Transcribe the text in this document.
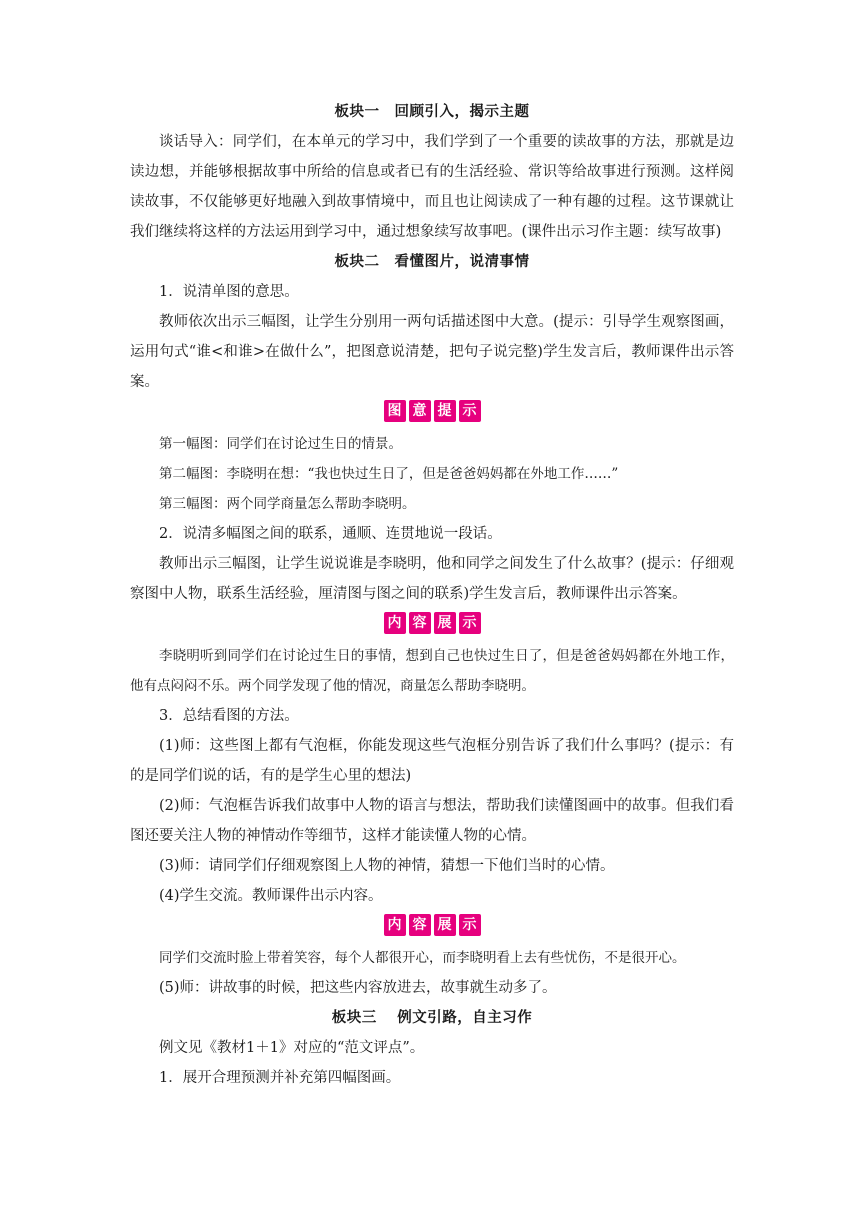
板块一　回顾引入，揭示主题

谈话导入：同学们，在本单元的学习中，我们学到了一个重要的读故事的方法，那就是边读边想，并能够根据故事中所给的信息或者已有的生活经验、常识等给故事进行预测。这样阅读故事，不仅能够更好地融入到故事情境中，而且也让阅读成了一种有趣的过程。这节课就让我们继续将这样的方法运用到学习中，通过想象续写故事吧。(课件出示习作主题：续写故事)

板块二　看懂图片，说清事情

1．说清单图的意思。

教师依次出示三幅图，让学生分别用一两句话描述图中大意。(提示：引导学生观察图画，运用句式“谁<和谁>在做什么”，把图意说清楚，把句子说完整)学生发言后，教师课件出示答案。

图 意 提 示

第一幅图：同学们在讨论过生日的情景。

第二幅图：李晓明在想：“我也快过生日了，但是爸爸妈妈都在外地工作……”

第三幅图：两个同学商量怎么帮助李晓明。

2．说清多幅图之间的联系，通顺、连贯地说一段话。

教师出示三幅图，让学生说说谁是李晓明，他和同学之间发生了什么故事？(提示：仔细观察图中人物，联系生活经验，厘清图与图之间的联系)学生发言后，教师课件出示答案。

内 容 展 示

李晓明听到同学们在讨论过生日的事情，想到自己也快过生日了，但是爸爸妈妈都在外地工作，他有点闷闷不乐。两个同学发现了他的情况，商量怎么帮助李晓明。

3．总结看图的方法。

(1)师：这些图上都有气泡框，你能发现这些气泡框分别告诉了我们什么事吗？(提示：有的是同学们说的话，有的是学生心里的想法)

(2)师：气泡框告诉我们故事中人物的语言与想法，帮助我们读懂图画中的故事。但我们看图还要关注人物的神情动作等细节，这样才能读懂人物的心情。

(3)师：请同学们仔细观察图上人物的神情，猜想一下他们当时的心情。

(4)学生交流。教师课件出示内容。

内 容 展 示

同学们交流时脸上带着笑容，每个人都很开心，而李晓明看上去有些忧伤，不是很开心。

(5)师：讲故事的时候，把这些内容放进去，故事就生动多了。

板块三　 例文引路，自主习作

例文见《教材1＋1》对应的“范文评点”。

1．展开合理预测并补充第四幅图画。
